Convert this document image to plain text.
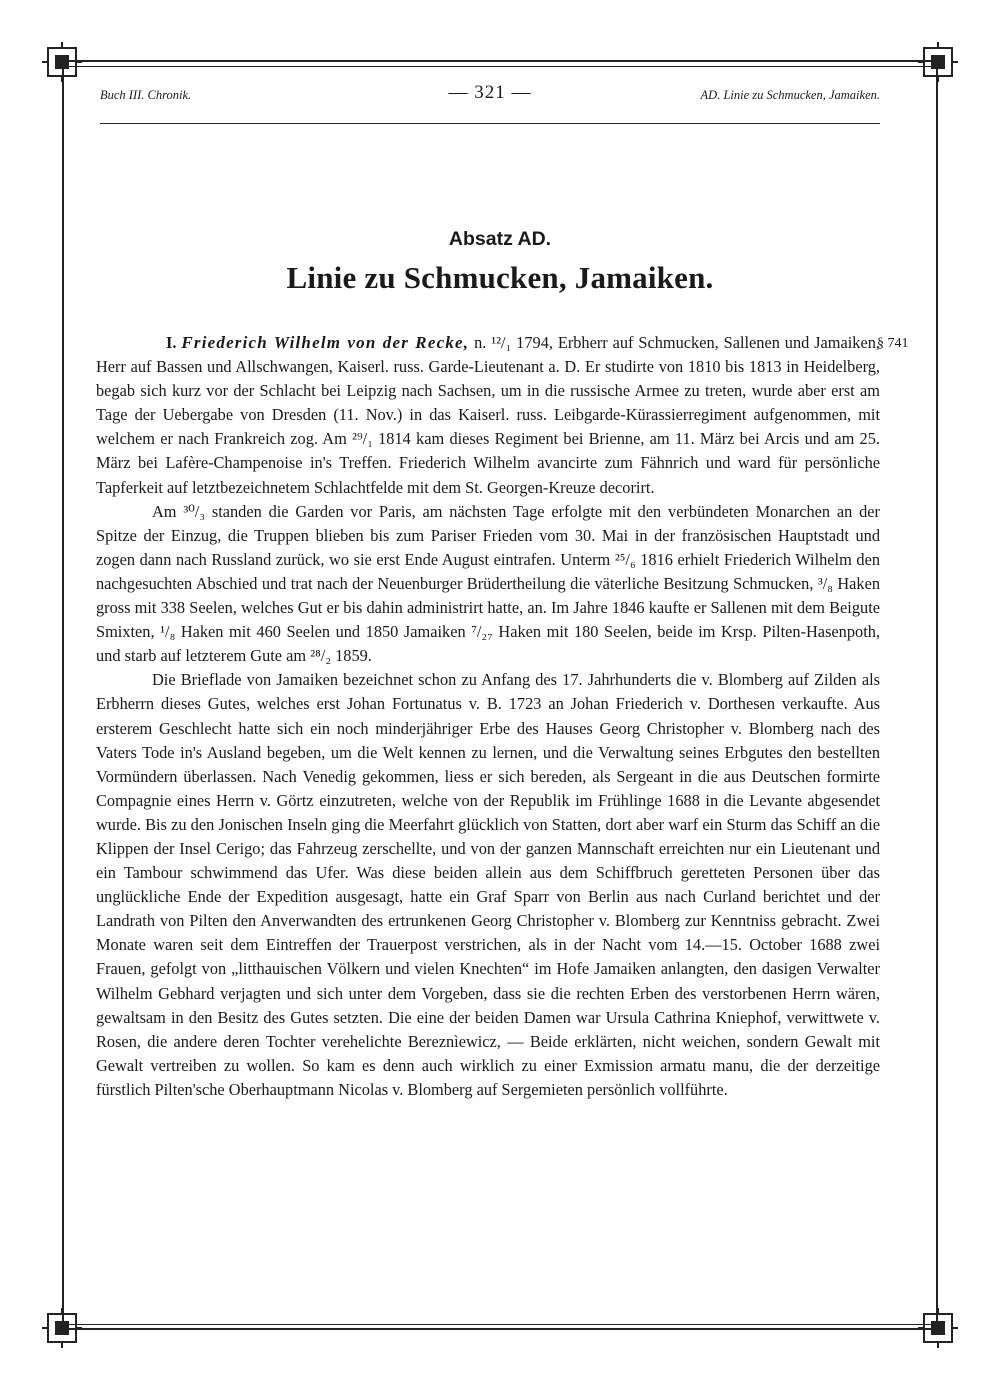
Buch III. Chronik.	— 321 —	AD. Linie zu Schmucken, Jamaiken.
Absatz AD.
Linie zu Schmucken, Jamaiken.
§ 741

I. Friederich Wilhelm von der Recke, n. ¹²/₁ 1794, Erbherr auf Schmucken, Sallenen und Jamaiken, Herr auf Bassen und Allschwangen, Kaiserl. russ. Garde-Lieutenant a. D. Er studirte von 1810 bis 1813 in Heidelberg, begab sich kurz vor der Schlacht bei Leipzig nach Sachsen, um in die russische Armee zu treten, wurde aber erst am Tage der Uebergabe von Dresden (11. Nov.) in das Kaiserl. russ. Leibgarde-Kürassierregiment aufgenommen, mit welchem er nach Frankreich zog. Am ²⁹/₁ 1814 kam dieses Regiment bei Brienne, am 11. März bei Arcis und am 25. März bei Lafère-Champenoise in's Treffen. Friederich Wilhelm avancirte zum Fähnrich und ward für persönliche Tapferkeit auf letztbezeichnetem Schlachtfelde mit dem St. Georgen-Kreuze decorirt.

Am ³⁰/₃ standen die Garden vor Paris, am nächsten Tage erfolgte mit den verbündeten Monarchen an der Spitze der Einzug, die Truppen blieben bis zum Pariser Frieden vom 30. Mai in der französischen Hauptstadt und zogen dann nach Russland zurück, wo sie erst Ende August eintrafen. Unterm ²⁵/₆ 1816 erhielt Friederich Wilhelm den nachgesuchten Abschied und trat nach der Neuenburger Brüdertheilung die väterliche Besitzung Schmucken, ³/₈ Haken gross mit 338 Seelen, welches Gut er bis dahin administrirt hatte, an. Im Jahre 1846 kaufte er Sallenen mit dem Beigute Smixten, ¹/₈ Haken mit 460 Seelen und 1850 Jamaiken ⁷/₂₇ Haken mit 180 Seelen, beide im Krsp. Pilten-Hasenpoth, und starb auf letzterem Gute am ²⁸/₂ 1859.

Die Brieflade von Jamaiken bezeichnet schon zu Anfang des 17. Jahrhunderts die v. Blomberg auf Zilden als Erbherrn dieses Gutes, welches erst Johan Fortunatus v. B. 1723 an Johan Friederich v. Dorthesen verkaufte. Aus ersterem Geschlecht hatte sich ein noch minderjähriger Erbe des Hauses Georg Christopher v. Blomberg nach des Vaters Tode in's Ausland begeben, um die Welt kennen zu lernen, und die Verwaltung seines Erbgutes den bestellten Vormündern überlassen. Nach Venedig gekommen, liess er sich bereden, als Sergeant in die aus Deutschen formirte Compagnie eines Herrn v. Görtz einzutreten, welche von der Republik im Frühlinge 1688 in die Levante abgesendet wurde. Bis zu den Jonischen Inseln ging die Meerfahrt glücklich von Statten, dort aber warf ein Sturm das Schiff an die Klippen der Insel Cerigo; das Fahrzeug zerschellte, und von der ganzen Mannschaft erreichten nur ein Lieutenant und ein Tambour schwimmend das Ufer. Was diese beiden allein aus dem Schiffbruch geretteten Personen über das unglückliche Ende der Expedition ausgesagt, hatte ein Graf Sparr von Berlin aus nach Curland berichtet und der Landrath von Pilten den Anverwandten des ertrunkenen Georg Christopher v. Blomberg zur Kenntniss gebracht. Zwei Monate waren seit dem Eintreffen der Trauerpost verstrichen, als in der Nacht vom 14.—15. October 1688 zwei Frauen, gefolgt von „litthauischen Völkern und vielen Knechten“ im Hofe Jamaiken anlangten, den dasigen Verwalter Wilhelm Gebhard verjagten und sich unter dem Vorgeben, dass sie die rechten Erben des verstorbenen Herrn wären, gewaltsam in den Besitz des Gutes setzten. Die eine der beiden Damen war Ursula Cathrina Kniephof, verwittwete v. Rosen, die andere deren Tochter verehelichte Bereznìewicz, — Beide erklärten, nicht weichen, sondern Gewalt mit Gewalt vertreiben zu wollen. So kam es denn auch wirklich zu einer Exmission armatu manu, die der derzeitige fürstlich Pilten'sche Oberhauptmann Nicolas v. Blomberg auf Sergemieten persönlich vollführte.
